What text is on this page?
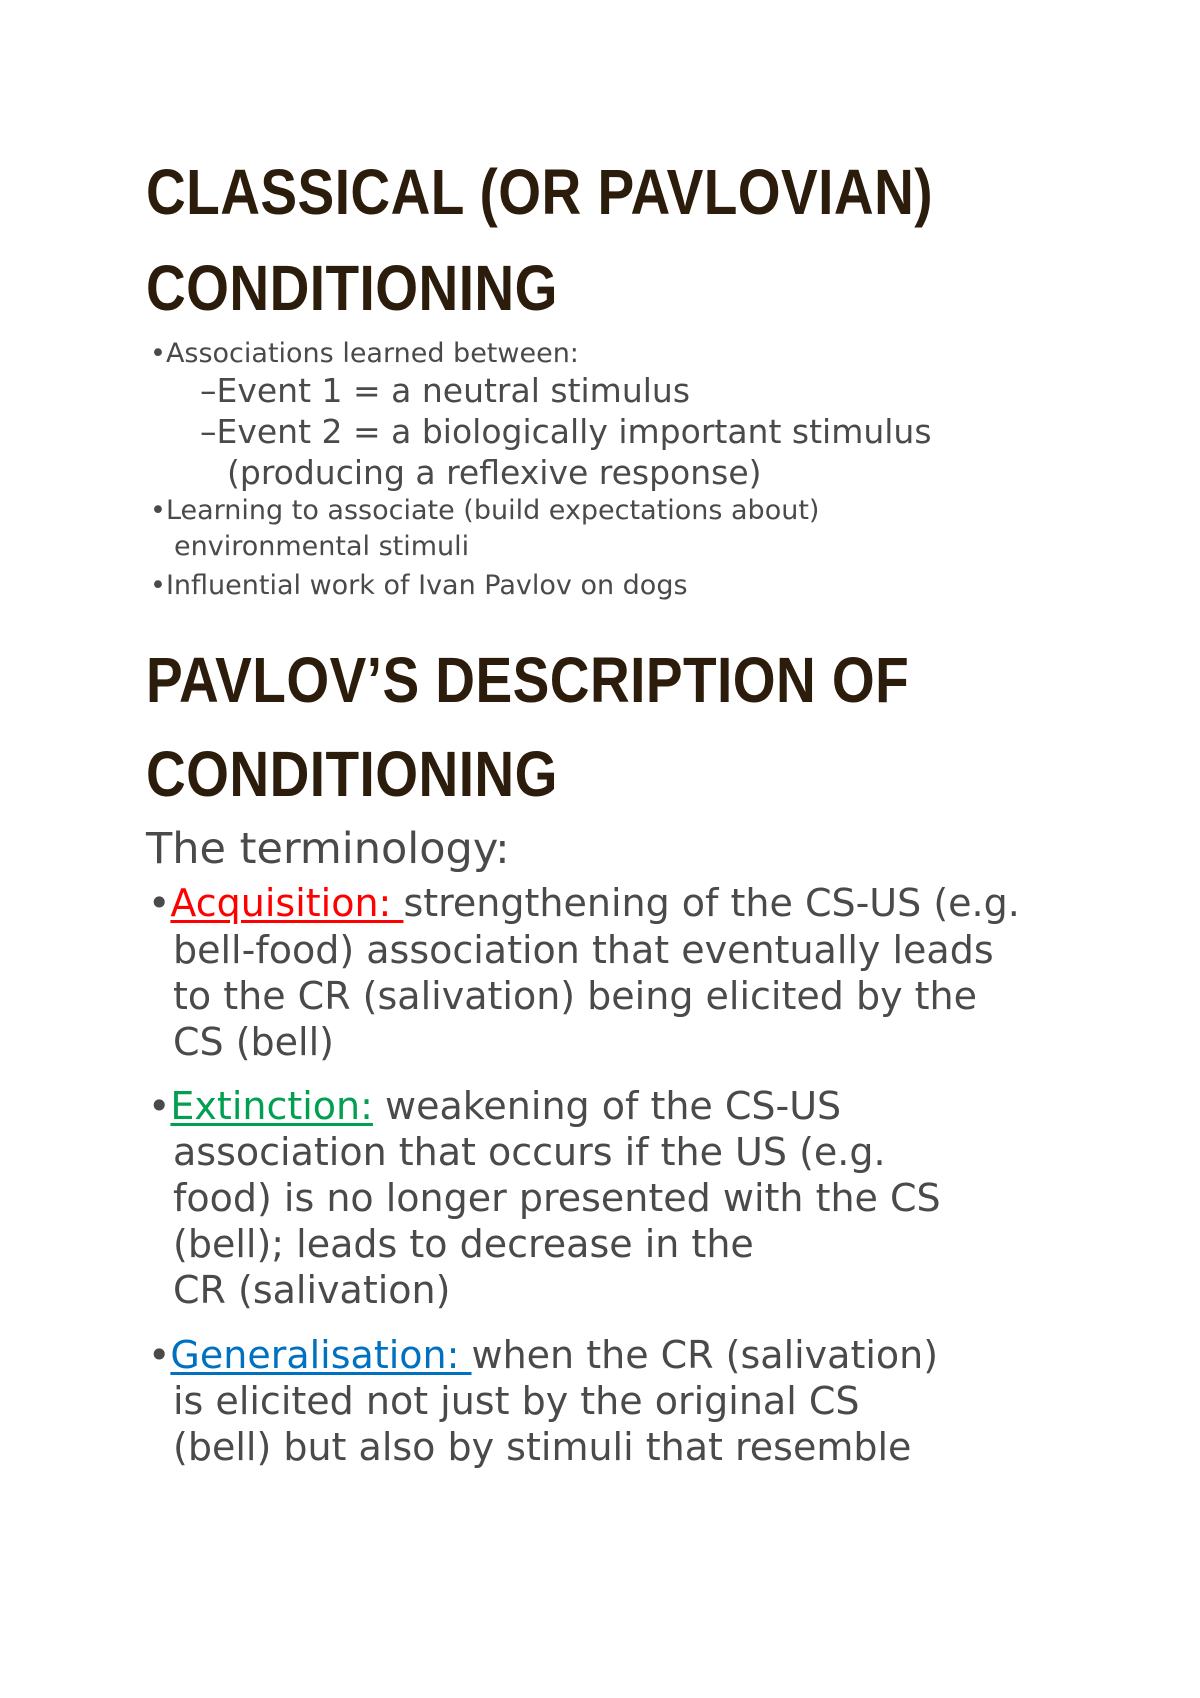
CLASSICAL (OR PAVLOVIAN)
CONDITIONING

•Associations learned between:

–Event 1 = a neutral stimulus

–Event 2 = a biologically important stimulus

(producing a reflexive response)

•Learning to associate (build expectations about)

environmental stimuli

•Influential work of Ivan Pavlov on dogs

PAVLOV’S DESCRIPTION OF
CONDITIONING

The terminology:

•Acquisition: strengthening of the CS-US (e.g.

bell-food) association that eventually leads

to the CR (salivation) being elicited by the

CS (bell)

•Extinction: weakening of the CS-US

association that occurs if the US (e.g.

food) is no longer presented with the CS

(bell); leads to decrease in the

CR (salivation)

•Generalisation: when the CR (salivation)

is elicited not just by the original CS

(bell) but also by stimuli that resemble
